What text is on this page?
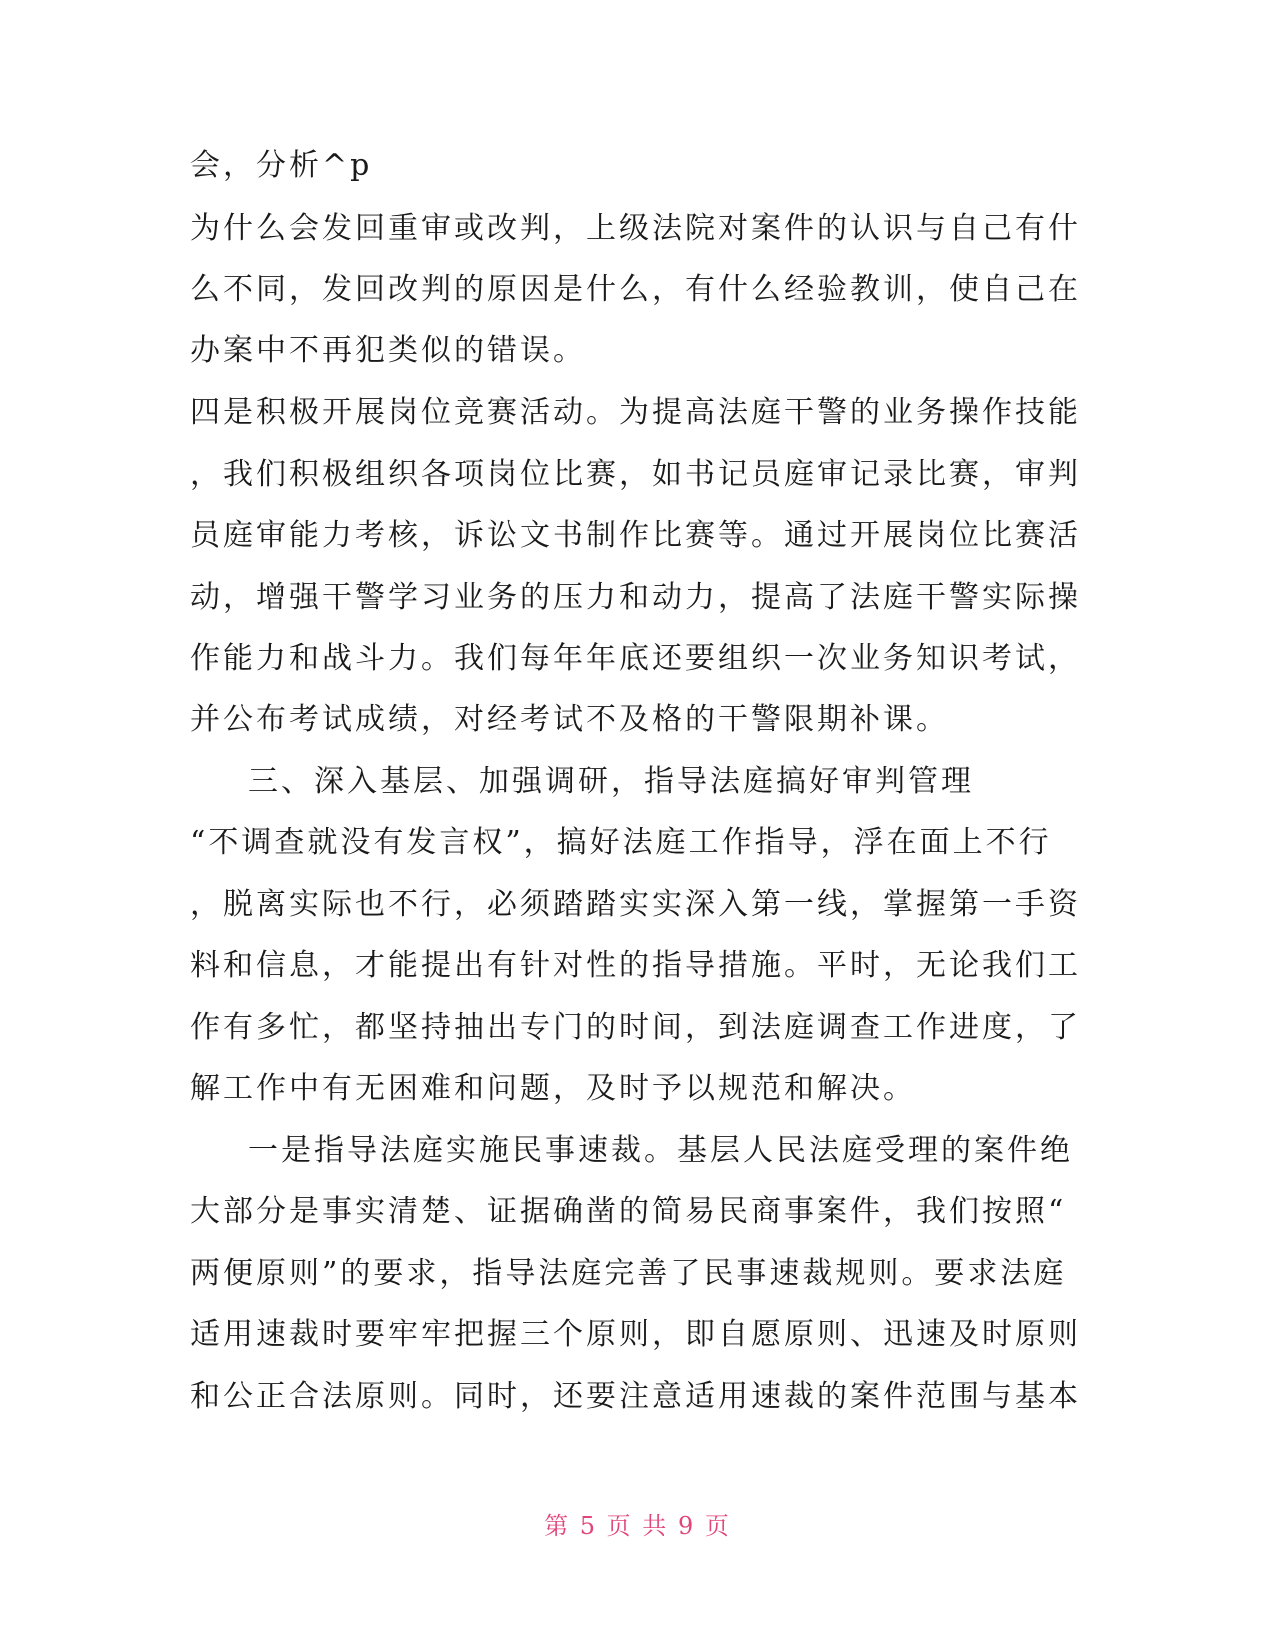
会，分析^p
为什么会发回重审或改判，上级法院对案件的认识与自己有什
么不同，发回改判的原因是什么，有什么经验教训，使自己在
办案中不再犯类似的错误。
四是积极开展岗位竞赛活动。为提高法庭干警的业务操作技能
，我们积极组织各项岗位比赛，如书记员庭审记录比赛，审判
员庭审能力考核，诉讼文书制作比赛等。通过开展岗位比赛活
动，增强干警学习业务的压力和动力，提高了法庭干警实际操
作能力和战斗力。我们每年年底还要组织一次业务知识考试，
并公布考试成绩，对经考试不及格的干警限期补课。
三、深入基层、加强调研，指导法庭搞好审判管理
“不调查就没有发言权”，搞好法庭工作指导，浮在面上不行
，脱离实际也不行，必须踏踏实实深入第一线，掌握第一手资
料和信息，才能提出有针对性的指导措施。平时，无论我们工
作有多忙，都坚持抽出专门的时间，到法庭调查工作进度，了
解工作中有无困难和问题，及时予以规范和解决。
一是指导法庭实施民事速裁。基层人民法庭受理的案件绝
大部分是事实清楚、证据确凿的简易民商事案件，我们按照“
两便原则”的要求，指导法庭完善了民事速裁规则。要求法庭
适用速裁时要牢牢把握三个原则，即自愿原则、迅速及时原则
和公正合法原则。同时，还要注意适用速裁的案件范围与基本
第 5 页 共 9 页
